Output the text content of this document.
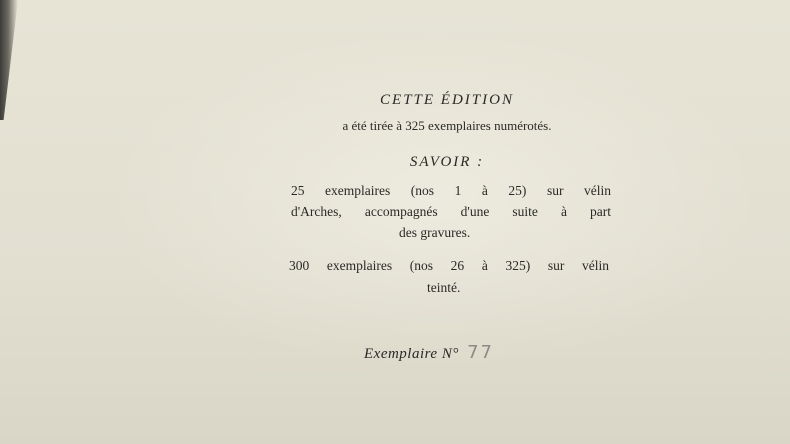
CETTE ÉDITION
a été tirée à 325 exemplaires numérotés.
SAVOIR :
25 exemplaires (nos 1 à 25) sur vélin
d'Arches, accompagnés d'une suite à part
des gravures.
300 exemplaires (nos 26 à 325) sur vélin
teinté.
Exemplaire N° 77
